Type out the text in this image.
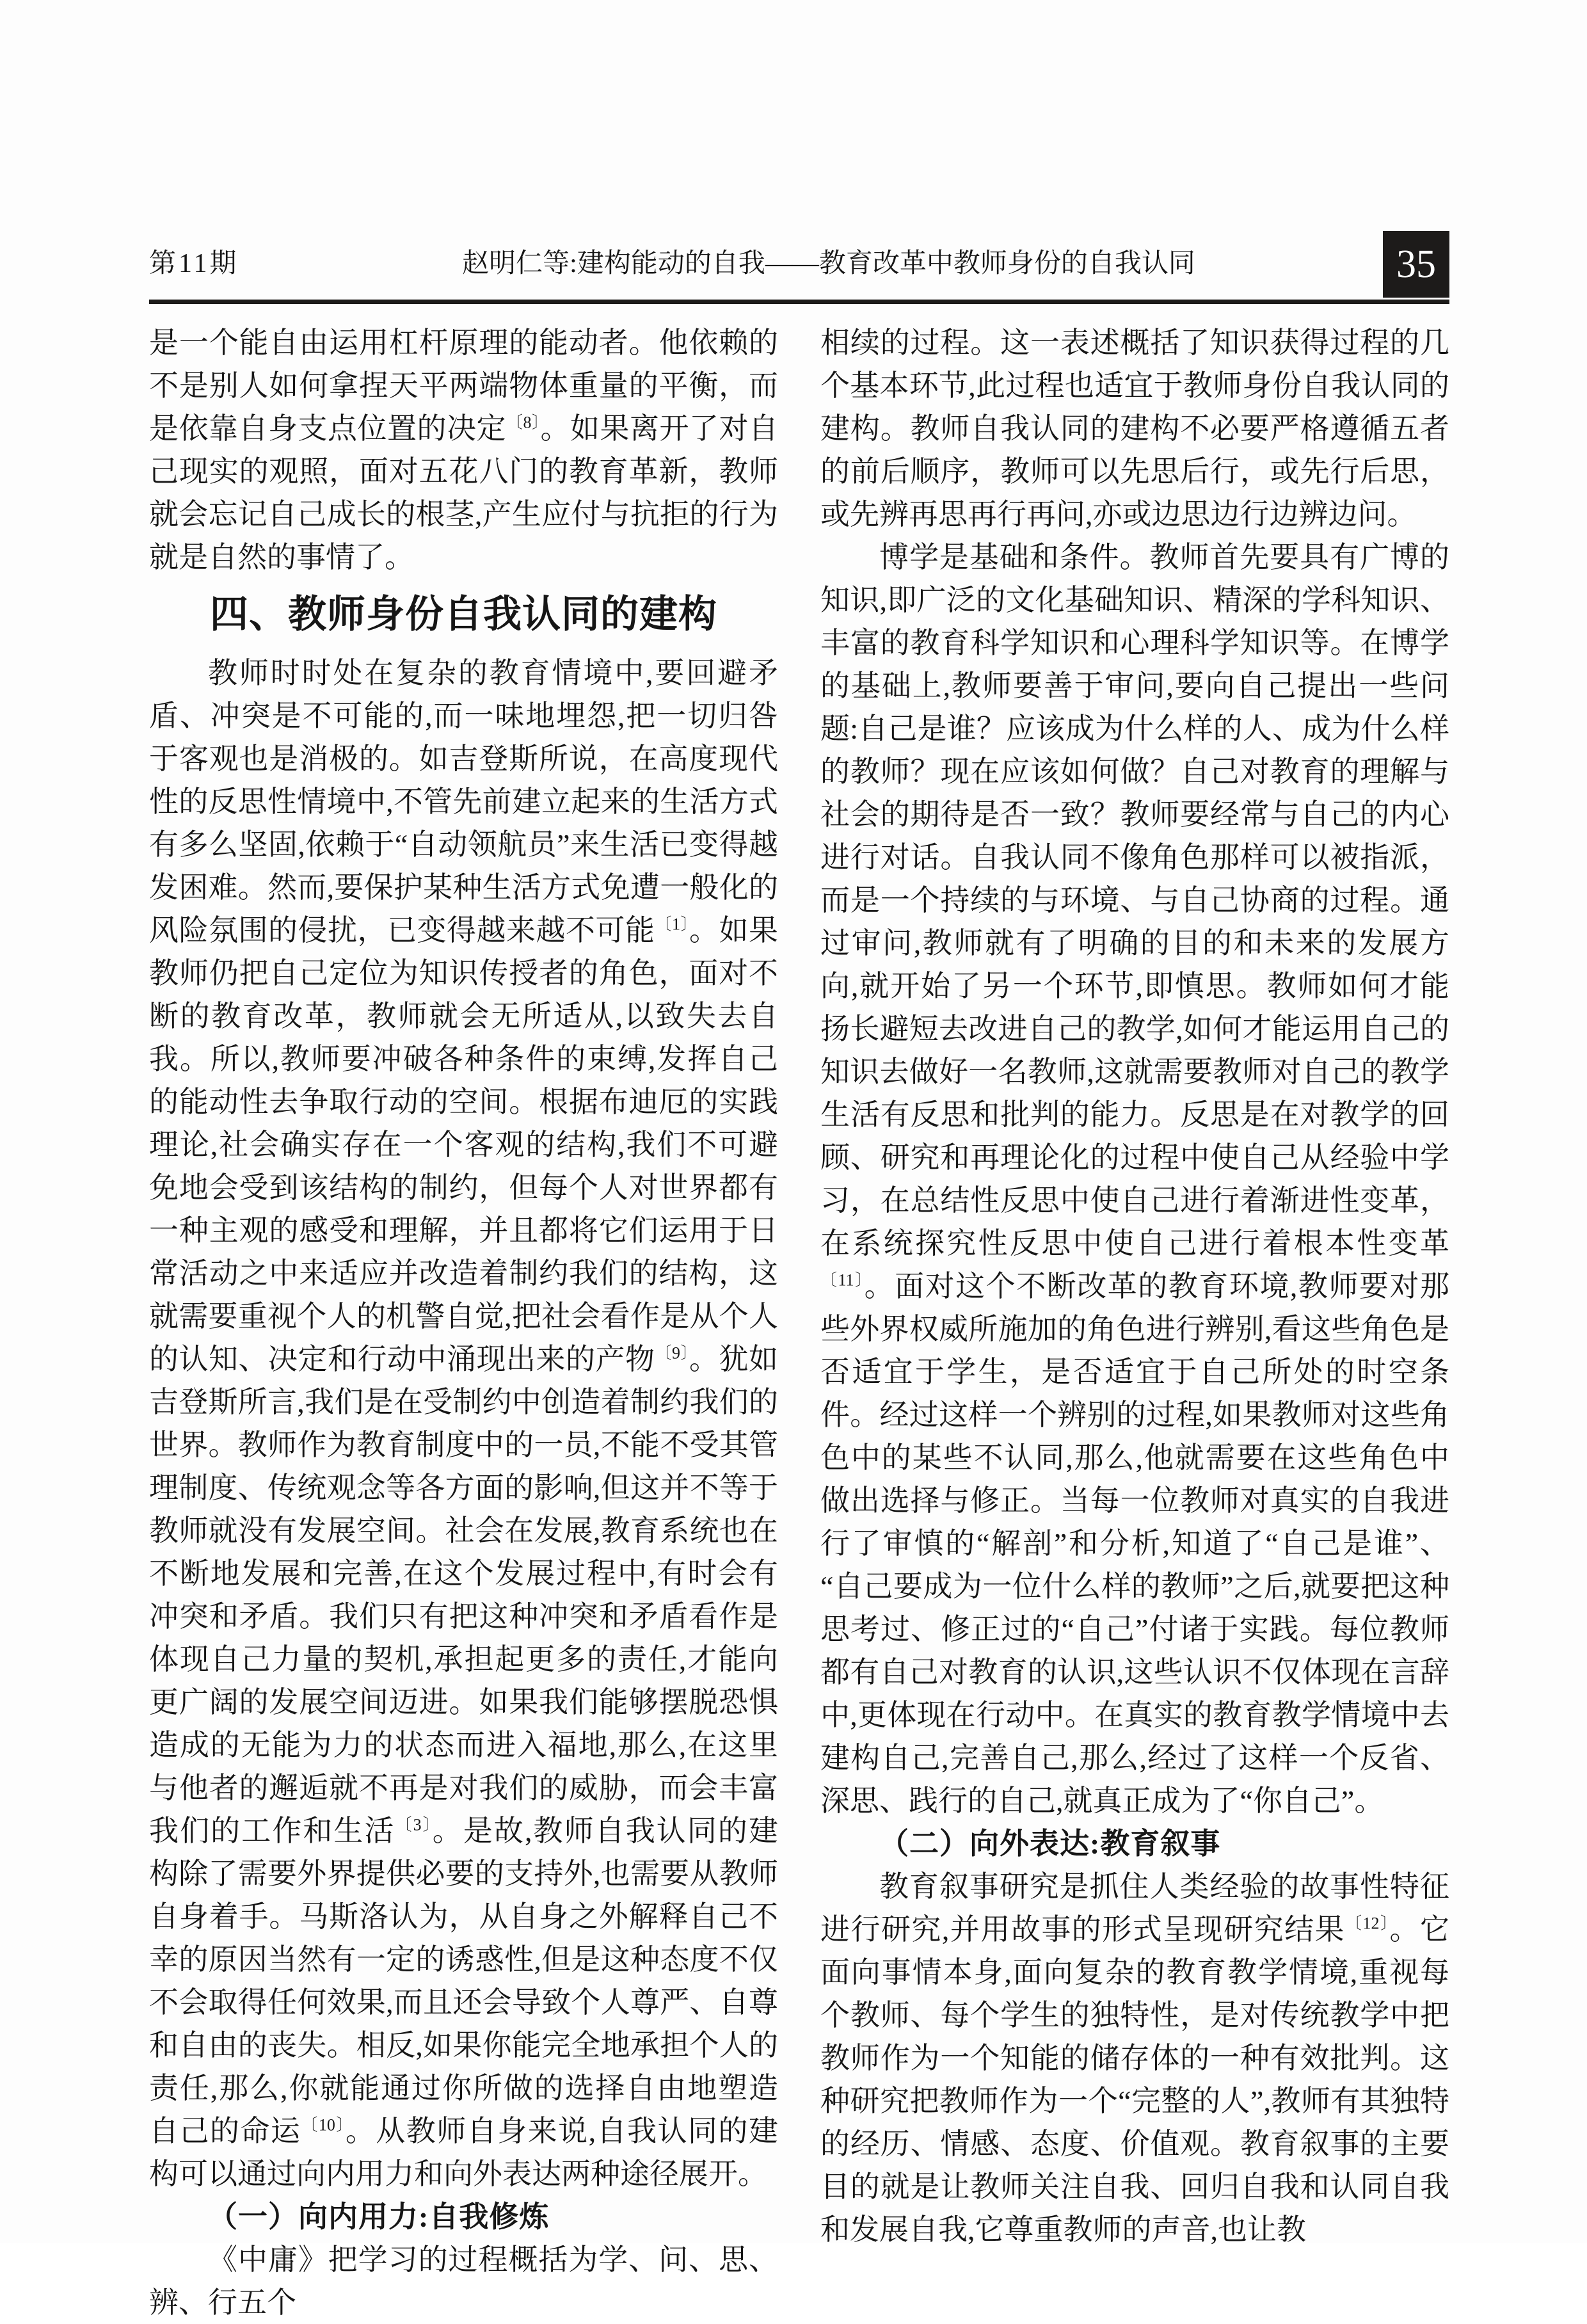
第11期	赵明仁等:建构能动的自我——教育改革中教师身份的自我认同	35

是一个能自由运用杠杆原理的能动者。他依赖的不是别人如何拿捏天平两端物体重量的平衡，而是依靠自身支点位置的决定$^{〔8〕}$。如果离开了对自己现实的观照，面对五花八门的教育革新，教师就会忘记自己成长的根茎,产生应付与抗拒的行为就是自然的事情了。

四、教师身份自我认同的建构

教师时时处在复杂的教育情境中,要回避矛盾、冲突是不可能的,而一味地埋怨,把一切归咎于客观也是消极的。如吉登斯所说，在高度现代性的反思性情境中,不管先前建立起来的生活方式有多么坚固,依赖于“自动领航员”来生活已变得越发困难。然而,要保护某种生活方式免遭一般化的风险氛围的侵扰，已变得越来越不可能$^{〔1〕}$。如果教师仍把自己定位为知识传授者的角色，面对不断的教育改革，教师就会无所适从,以致失去自我。所以,教师要冲破各种条件的束缚,发挥自己的能动性去争取行动的空间。根据布迪厄的实践理论,社会确实存在一个客观的结构,我们不可避免地会受到该结构的制约，但每个人对世界都有一种主观的感受和理解，并且都将它们运用于日常活动之中来适应并改造着制约我们的结构，这就需要重视个人的机警自觉,把社会看作是从个人的认知、决定和行动中涌现出来的产物$^{〔9〕}$。犹如吉登斯所言,我们是在受制约中创造着制约我们的世界。教师作为教育制度中的一员,不能不受其管理制度、传统观念等各方面的影响,但这并不等于教师就没有发展空间。社会在发展,教育系统也在不断地发展和完善,在这个发展过程中,有时会有冲突和矛盾。我们只有把这种冲突和矛盾看作是体现自己力量的契机,承担起更多的责任,才能向更广阔的发展空间迈进。如果我们能够摆脱恐惧造成的无能为力的状态而进入福地,那么,在这里与他者的邂逅就不再是对我们的威胁，而会丰富我们的工作和生活$^{〔3〕}$。是故,教师自我认同的建构除了需要外界提供必要的支持外,也需要从教师自身着手。马斯洛认为，从自身之外解释自己不幸的原因当然有一定的诱惑性,但是这种态度不仅不会取得任何效果,而且还会导致个人尊严、自尊和自由的丧失。相反,如果你能完全地承担个人的责任,那么,你就能通过你所做的选择自由地塑造自己的命运$^{〔10〕}$。从教师自身来说,自我认同的建构可以通过向内用力和向外表达两种途径展开。

（一）向内用力:自我修炼

《中庸》把学习的过程概括为学、问、思、辨、行五个

相续的过程。这一表述概括了知识获得过程的几个基本环节,此过程也适宜于教师身份自我认同的建构。教师自我认同的建构不必要严格遵循五者的前后顺序，教师可以先思后行，或先行后思，或先辨再思再行再问,亦或边思边行边辨边问。

博学是基础和条件。教师首先要具有广博的知识,即广泛的文化基础知识、精深的学科知识、丰富的教育科学知识和心理科学知识等。在博学的基础上,教师要善于审问,要向自己提出一些问题:自己是谁？应该成为什么样的人、成为什么样的教师？现在应该如何做？自己对教育的理解与社会的期待是否一致？教师要经常与自己的内心进行对话。自我认同不像角色那样可以被指派，而是一个持续的与环境、与自己协商的过程。通过审问,教师就有了明确的目的和未来的发展方向,就开始了另一个环节,即慎思。教师如何才能扬长避短去改进自己的教学,如何才能运用自己的知识去做好一名教师,这就需要教师对自己的教学生活有反思和批判的能力。反思是在对教学的回顾、研究和再理论化的过程中使自己从经验中学习，在总结性反思中使自己进行着渐进性变革，在系统探究性反思中使自己进行着根本性变革$^{〔11〕}$。面对这个不断改革的教育环境,教师要对那些外界权威所施加的角色进行辨别,看这些角色是否适宜于学生，是否适宜于自己所处的时空条件。经过这样一个辨别的过程,如果教师对这些角色中的某些不认同,那么,他就需要在这些角色中做出选择与修正。当每一位教师对真实的自我进行了审慎的“解剖”和分析,知道了“自己是谁”、“自己要成为一位什么样的教师”之后,就要把这种思考过、修正过的“自己”付诸于实践。每位教师都有自己对教育的认识,这些认识不仅体现在言辞中,更体现在行动中。在真实的教育教学情境中去建构自己,完善自己,那么,经过了这样一个反省、深思、践行的自己,就真正成为了“你自己”。

（二）向外表达:教育叙事

教育叙事研究是抓住人类经验的故事性特征进行研究,并用故事的形式呈现研究结果$^{〔12〕}$。它面向事情本身,面向复杂的教育教学情境,重视每个教师、每个学生的独特性，是对传统教学中把教师作为一个知能的储存体的一种有效批判。这种研究把教师作为一个“完整的人”,教师有其独特的经历、情感、态度、价值观。教育叙事的主要目的就是让教师关注自我、回归自我和认同自我和发展自我,它尊重教师的声音,也让教
